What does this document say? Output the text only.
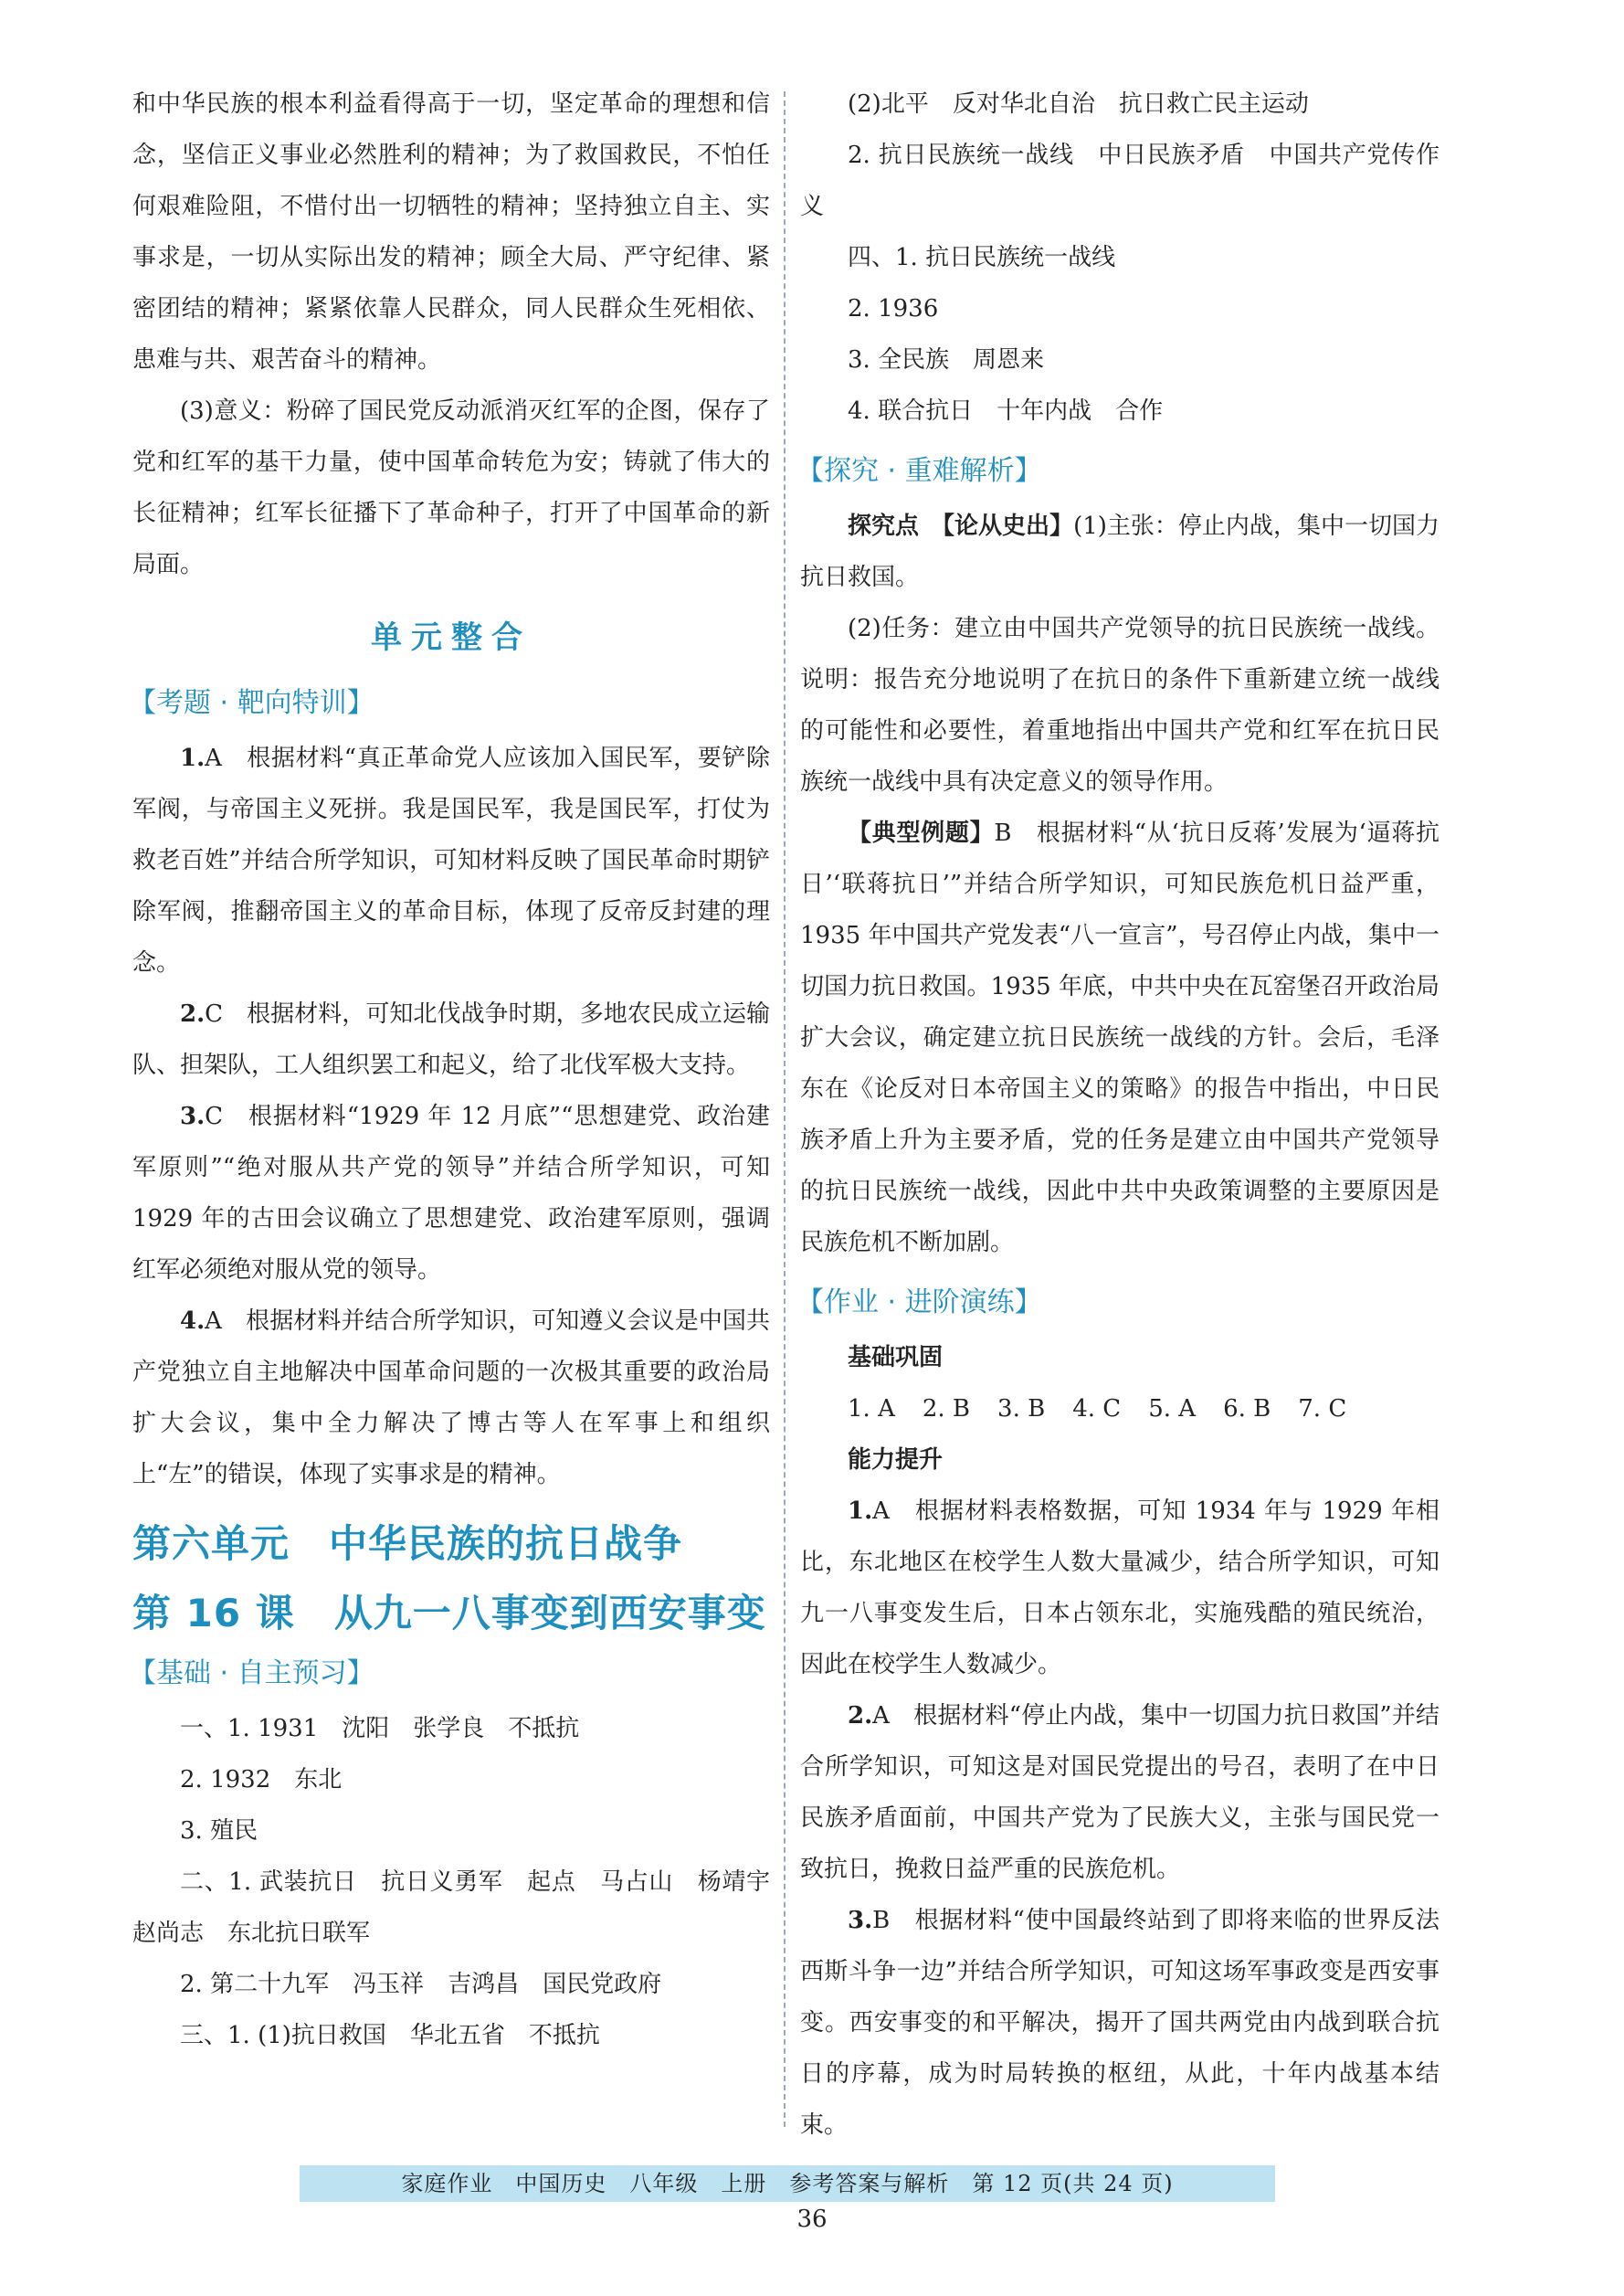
和中华民族的根本利益看得高于一切，坚定革命的理想和信念，坚信正义事业必然胜利的精神；为了救国救民，不怕任何艰难险阻，不惜付出一切牺牲的精神；坚持独立自主、实事求是，一切从实际出发的精神；顾全大局、严守纪律、紧密团结的精神；紧紧依靠人民群众，同人民群众生死相依、患难与共、艰苦奋斗的精神。

(3)意义：粉碎了国民党反动派消灭红军的企图，保存了党和红军的基干力量，使中国革命转危为安；铸就了伟大的长征精神；红军长征播下了革命种子，打开了中国革命的新局面。

单元整合
【考题 · 靶向特训】

1.A　根据材料“真正革命党人应该加入国民军，要铲除军阀，与帝国主义死拼。我是国民军，我是国民军，打仗为救老百姓”并结合所学知识，可知材料反映了国民革命时期铲除军阀，推翻帝国主义的革命目标，体现了反帝反封建的理念。

2.C　根据材料，可知北伐战争时期，多地农民成立运输队、担架队，工人组织罢工和起义，给了北伐军极大支持。

3.C　根据材料“1929 年 12 月底”“思想建党、政治建军原则”“绝对服从共产党的领导”并结合所学知识，可知 1929 年的古田会议确立了思想建党、政治建军原则，强调红军必须绝对服从党的领导。

4.A　根据材料并结合所学知识，可知遵义会议是中国共产党独立自主地解决中国革命问题的一次极其重要的政治局扩大会议，集中全力解决了博古等人在军事上和组织上“左”的错误，体现了实事求是的精神。

第六单元　中华民族的抗日战争
第 16 课　从九一八事变到西安事变
【基础 · 自主预习】

一、1. 1931　沈阳　张学良　不抵抗

2. 1932　东北

3. 殖民

二、1. 武装抗日　抗日义勇军　起点　马占山　杨靖宇　赵尚志　东北抗日联军

2. 第二十九军　冯玉祥　吉鸿昌　国民党政府

三、1. (1)抗日救国　华北五省　不抵抗

(2)北平　反对华北自治　抗日救亡民主运动

2. 抗日民族统一战线　中日民族矛盾　中国共产党传作义

四、1. 抗日民族统一战线

2. 1936

3. 全民族　周恩来

4. 联合抗日　十年内战　合作

【探究 · 重难解析】

探究点　【论从史出】(1)主张：停止内战，集中一切国力抗日救国。

(2)任务：建立由中国共产党领导的抗日民族统一战线。说明：报告充分地说明了在抗日的条件下重新建立统一战线的可能性和必要性，着重地指出中国共产党和红军在抗日民族统一战线中具有决定意义的领导作用。

【典型例题】B　根据材料“从‘抗日反蒋’发展为‘逼蒋抗日’‘联蒋抗日’”并结合所学知识，可知民族危机日益严重，1935 年中国共产党发表“八一宣言”，号召停止内战，集中一切国力抗日救国。1935 年底，中共中央在瓦窑堡召开政治局扩大会议，确定建立抗日民族统一战线的方针。会后，毛泽东在《论反对日本帝国主义的策略》的报告中指出，中日民族矛盾上升为主要矛盾，党的任务是建立由中国共产党领导的抗日民族统一战线，因此中共中央政策调整的主要原因是民族危机不断加剧。

【作业 · 进阶演练】
基础巩固
1. A 2. B 3. B 4. C 5. A 6. B 7. C
能力提升

1.A　根据材料表格数据，可知 1934 年与 1929 年相比，东北地区在校学生人数大量减少，结合所学知识，可知九一八事变发生后，日本占领东北，实施残酷的殖民统治，因此在校学生人数减少。

2.A　根据材料“停止内战，集中一切国力抗日救国”并结合所学知识，可知这是对国民党提出的号召，表明了在中日民族矛盾面前，中国共产党为了民族大义，主张与国民党一致抗日，挽救日益严重的民族危机。

3.B　根据材料“使中国最终站到了即将来临的世界反法西斯斗争一边”并结合所学知识，可知这场军事政变是西安事变。西安事变的和平解决，揭开了国共两党由内战到联合抗日的序幕，成为时局转换的枢纽，从此，十年内战基本结束。

家庭作业　中国历史　八年级　上册　参考答案与解析　第 12 页(共 24 页)
36
